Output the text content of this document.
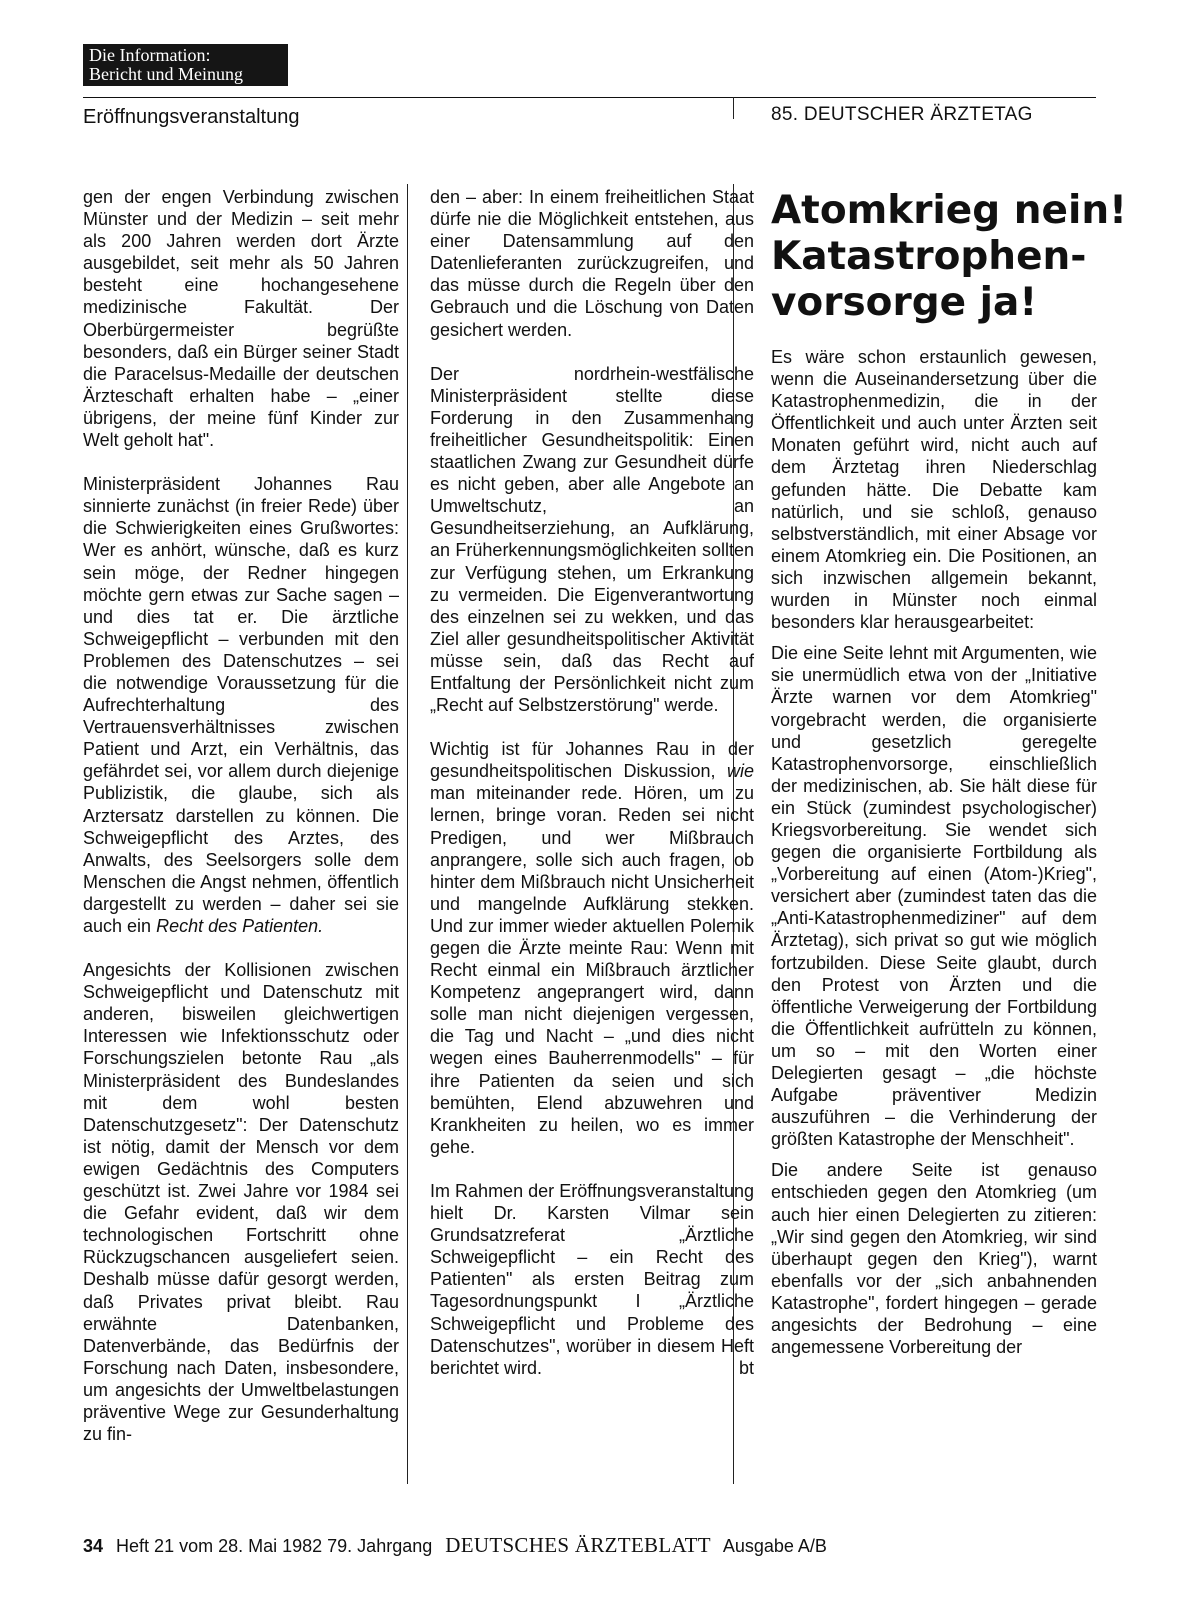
Die Information:
Bericht und Meinung
Eröffnungsveranstaltung	85. DEUTSCHER ÄRZTETAG

gen der engen Verbindung zwischen Münster und der Medizin – seit mehr als 200 Jahren werden dort Ärzte ausgebildet, seit mehr als 50 Jahren besteht eine hochangesehene medizinische Fakultät. Der Oberbürgermeister begrüßte besonders, daß ein Bürger seiner Stadt die Paracelsus-Medaille der deutschen Ärzteschaft erhalten habe – „einer übrigens, der meine fünf Kinder zur Welt geholt hat".

Ministerpräsident Johannes Rau sinnierte zunächst (in freier Rede) über die Schwierigkeiten eines Grußwortes: Wer es anhört, wünsche, daß es kurz sein möge, der Redner hingegen möchte gern etwas zur Sache sagen – und dies tat er. Die ärztliche Schweigepflicht – verbunden mit den Problemen des Datenschutzes – sei die notwendige Voraussetzung für die Aufrechterhaltung des Vertrauensverhältnisses zwischen Patient und Arzt, ein Verhältnis, das gefährdet sei, vor allem durch diejenige Publizistik, die glaube, sich als Arztersatz darstellen zu können. Die Schweigepflicht des Arztes, des Anwalts, des Seelsorgers solle dem Menschen die Angst nehmen, öffentlich dargestellt zu werden – daher sei sie auch ein Recht des Patienten.

Angesichts der Kollisionen zwischen Schweigepflicht und Datenschutz mit anderen, bisweilen gleichwertigen Interessen wie Infektionsschutz oder Forschungszielen betonte Rau „als Ministerpräsident des Bundeslandes mit dem wohl besten Datenschutzgesetz": Der Datenschutz ist nötig, damit der Mensch vor dem ewigen Gedächtnis des Computers geschützt ist. Zwei Jahre vor 1984 sei die Gefahr evident, daß wir dem technologischen Fortschritt ohne Rückzugschancen ausgeliefert seien. Deshalb müsse dafür gesorgt werden, daß Privates privat bleibt. Rau erwähnte Datenbanken, Datenverbände, das Bedürfnis der Forschung nach Daten, insbesondere, um angesichts der Umweltbelastungen präventive Wege zur Gesunderhaltung zu fin-

den – aber: In einem freiheitlichen Staat dürfe nie die Möglichkeit entstehen, aus einer Datensammlung auf den Datenlieferanten zurückzugreifen, und das müsse durch die Regeln über den Gebrauch und die Löschung von Daten gesichert werden.

Der nordrhein-westfälische Ministerpräsident stellte diese Forderung in den Zusammenhang freiheitlicher Gesundheitspolitik: Einen staatlichen Zwang zur Gesundheit dürfe es nicht geben, aber alle Angebote an Umweltschutz, an Gesundheitserziehung, an Aufklärung, an Früherkennungsmöglichkeiten sollten zur Verfügung stehen, um Erkrankung zu vermeiden. Die Eigenverantwortung des einzelnen sei zu wekken, und das Ziel aller gesundheitspolitischer Aktivität müsse sein, daß das Recht auf Entfaltung der Persönlichkeit nicht zum „Recht auf Selbstzerstörung" werde.

Wichtig ist für Johannes Rau in der gesundheitspolitischen Diskussion, wie man miteinander rede. Hören, um zu lernen, bringe voran. Reden sei nicht Predigen, und wer Mißbrauch anprangere, solle sich auch fragen, ob hinter dem Mißbrauch nicht Unsicherheit und mangelnde Aufklärung stekken. Und zur immer wieder aktuellen Polemik gegen die Ärzte meinte Rau: Wenn mit Recht einmal ein Mißbrauch ärztlicher Kompetenz angeprangert wird, dann solle man nicht diejenigen vergessen, die Tag und Nacht – „und dies nicht wegen eines Bauherrenmodells" – für ihre Patienten da seien und sich bemühten, Elend abzuwehren und Krankheiten zu heilen, wo es immer gehe.

Im Rahmen der Eröffnungsveranstaltung hielt Dr. Karsten Vilmar sein Grundsatzreferat „Ärztliche Schweigepflicht – ein Recht des Patienten" als ersten Beitrag zum Tagesordnungspunkt I „Ärztliche Schweigepflicht und Probleme des Datenschutzes", worüber in diesem Heft berichtet wird.	bt

Atomkrieg nein!
Katastrophen-
vorsorge ja!

Es wäre schon erstaunlich gewesen, wenn die Auseinandersetzung über die Katastrophenmedizin, die in der Öffentlichkeit und auch unter Ärzten seit Monaten geführt wird, nicht auch auf dem Ärztetag ihren Niederschlag gefunden hätte. Die Debatte kam natürlich, und sie schloß, genauso selbstverständlich, mit einer Absage vor einem Atomkrieg ein. Die Positionen, an sich inzwischen allgemein bekannt, wurden in Münster noch einmal besonders klar herausgearbeitet:

Die eine Seite lehnt mit Argumenten, wie sie unermüdlich etwa von der „Initiative Ärzte warnen vor dem Atomkrieg" vorgebracht werden, die organisierte und gesetzlich geregelte Katastrophenvorsorge, einschließlich der medizinischen, ab. Sie hält diese für ein Stück (zumindest psychologischer) Kriegsvorbereitung. Sie wendet sich gegen die organisierte Fortbildung als „Vorbereitung auf einen (Atom-)Krieg", versichert aber (zumindest taten das die „Anti-Katastrophenmediziner" auf dem Ärztetag), sich privat so gut wie möglich fortzubilden. Diese Seite glaubt, durch den Protest von Ärzten und die öffentliche Verweigerung der Fortbildung die Öffentlichkeit aufrütteln zu können, um so – mit den Worten einer Delegierten gesagt – „die höchste Aufgabe präventiver Medizin auszuführen – die Verhinderung der größten Katastrophe der Menschheit".

Die andere Seite ist genauso entschieden gegen den Atomkrieg (um auch hier einen Delegierten zu zitieren: „Wir sind gegen den Atomkrieg, wir sind überhaupt gegen den Krieg"), warnt ebenfalls vor der „sich anbahnenden Katastrophe", fordert hingegen – gerade angesichts der Bedrohung – eine angemessene Vorbereitung der

34 Heft 21 vom 28. Mai 1982 79. Jahrgang DEUTSCHES ÄRZTEBLATT Ausgabe A/B
